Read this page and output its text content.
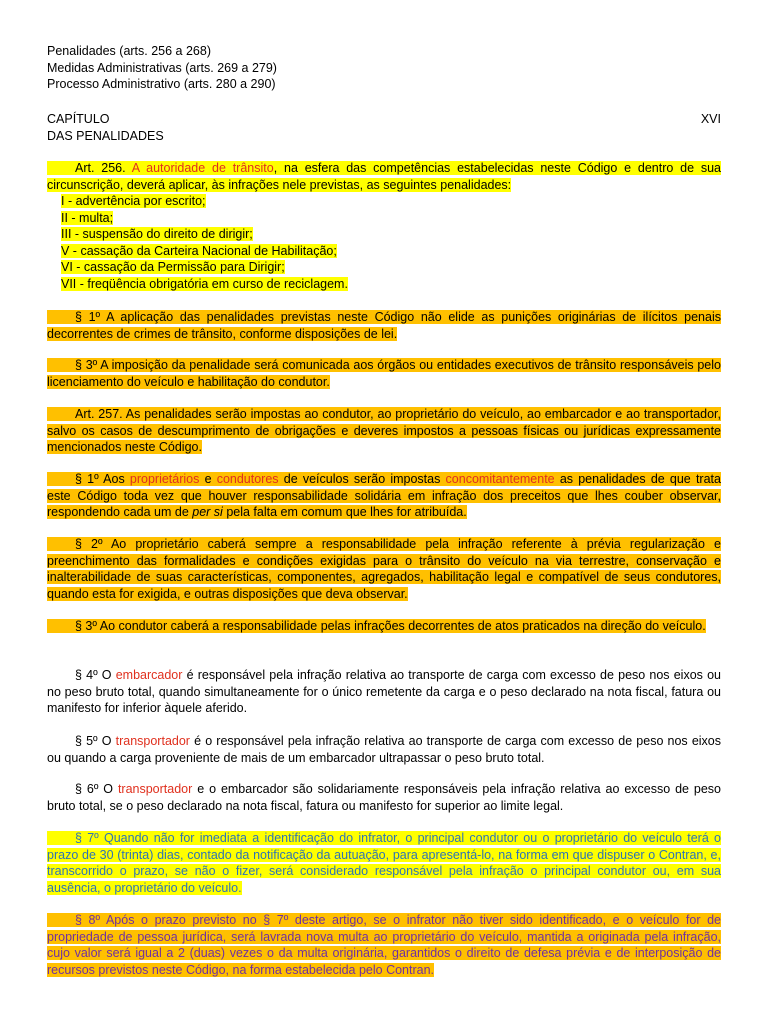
Penalidades (arts. 256 a 268)

Medidas Administrativas (arts. 269 a 279)

Processo Administrativo (arts. 280 a 290)

CAPÍTULO	XVI
DAS PENALIDADES
Art. 256. A autoridade de trânsito, na esfera das competências estabelecidas neste Código e dentro de sua circunscrição, deverá aplicar, às infrações nele previstas, as seguintes penalidades:
I - advertência por escrito;
II - multa;
III - suspensão do direito de dirigir;
V - cassação da Carteira Nacional de Habilitação;
VI - cassação da Permissão para Dirigir;
VII - freqüência obrigatória em curso de reciclagem.
§ 1º A aplicação das penalidades previstas neste Código não elide as punições originárias de ilícitos penais decorrentes de crimes de trânsito, conforme disposições de lei.
§ 3º A imposição da penalidade será comunicada aos órgãos ou entidades executivos de trânsito responsáveis pelo licenciamento do veículo e habilitação do condutor.
Art. 257. As penalidades serão impostas ao condutor, ao proprietário do veículo, ao embarcador e ao transportador, salvo os casos de descumprimento de obrigações e deveres impostos a pessoas físicas ou jurídicas expressamente mencionados neste Código.
§ 1º Aos proprietários e condutores de veículos serão impostas concomitantemente as penalidades de que trata este Código toda vez que houver responsabilidade solidária em infração dos preceitos que lhes couber observar, respondendo cada um de per si pela falta em comum que lhes for atribuída.
§ 2º Ao proprietário caberá sempre a responsabilidade pela infração referente à prévia regularização e preenchimento das formalidades e condições exigidas para o trânsito do veículo na via terrestre, conservação e inalterabilidade de suas características, componentes, agregados, habilitação legal e compatível de seus condutores, quando esta for exigida, e outras disposições que deva observar.
§ 3º Ao condutor caberá a responsabilidade pelas infrações decorrentes de atos praticados na direção do veículo.
§ 4º O embarcador é responsável pela infração relativa ao transporte de carga com excesso de peso nos eixos ou no peso bruto total, quando simultaneamente for o único remetente da carga e o peso declarado na nota fiscal, fatura ou manifesto for inferior àquele aferido.
§ 5º O transportador é o responsável pela infração relativa ao transporte de carga com excesso de peso nos eixos ou quando a carga proveniente de mais de um embarcador ultrapassar o peso bruto total.
§ 6º O transportador e o embarcador são solidariamente responsáveis pela infração relativa ao excesso de peso bruto total, se o peso declarado na nota fiscal, fatura ou manifesto for superior ao limite legal.
§ 7º Quando não for imediata a identificação do infrator, o principal condutor ou o proprietário do veículo terá o prazo de 30 (trinta) dias, contado da notificação da autuação, para apresentá-lo, na forma em que dispuser o Contran, e, transcorrido o prazo, se não o fizer, será considerado responsável pela infração o principal condutor ou, em sua ausência, o proprietário do veículo.
§ 8º Após o prazo previsto no § 7º deste artigo, se o infrator não tiver sido identificado, e o veículo for de propriedade de pessoa jurídica, será lavrada nova multa ao proprietário do veículo, mantida a originada pela infração, cujo valor será igual a 2 (duas) vezes o da multa originária, garantidos o direito de defesa prévia e de interposição de recursos previstos neste Código, na forma estabelecida pelo Contran.
